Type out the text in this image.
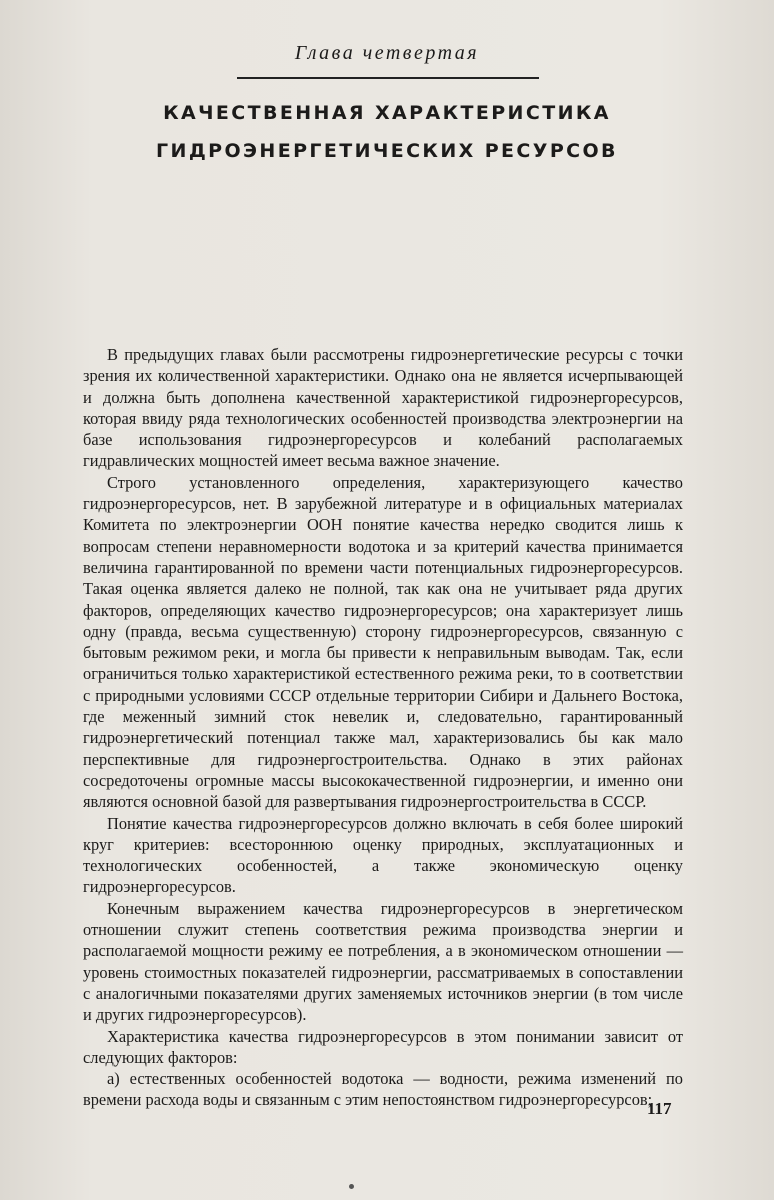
Глава четвертая
КАЧЕСТВЕННАЯ ХАРАКТЕРИСТИКА
ГИДРОЭНЕРГЕТИЧЕСКИХ РЕСУРСОВ

В предыдущих главах были рассмотрены гидроэнергетические ресурсы с точки зрения их количественной характеристики. Однако она не является исчерпывающей и должна быть дополнена качественной характеристикой гидроэнергоресурсов, которая ввиду ряда технологических особенностей производства электроэнергии на базе использования гидроэнергоресурсов и колебаний располагаемых гидравлических мощностей имеет весьма важное значение.

Строго установленного определения, характеризующего качество гидроэнергоресурсов, нет. В зарубежной литературе и в официальных материалах Комитета по электроэнергии ООН понятие качества нередко сводится лишь к вопросам степени неравномерности водотока и за критерий качества принимается величина гарантированной по времени части потенциальных гидроэнергоресурсов. Такая оценка является далеко не полной, так как она не учитывает ряда других факторов, определяющих качество гидроэнергоресурсов; она характеризует лишь одну (правда, весьма существенную) сторону гидроэнергоресурсов, связанную с бытовым режимом реки, и могла бы привести к неправильным выводам. Так, если ограничиться только характеристикой естественного режима реки, то в соответствии с природными условиями СССР отдельные территории Сибири и Дальнего Востока, где меженный зимний сток невелик и, следовательно, гарантированный гидроэнергетический потенциал также мал, характеризовались бы как мало перспективные для гидроэнергостроительства. Однако в этих районах сосредоточены огромные массы высококачественной гидроэнергии, и именно они являются основной базой для развертывания гидроэнергостроительства в СССР.

Понятие качества гидроэнергоресурсов должно включать в себя более широкий круг критериев: всестороннюю оценку природных, эксплуатационных и технологических особенностей, а также экономическую оценку гидроэнергоресурсов.

Конечным выражением качества гидроэнергоресурсов в энергетическом отношении служит степень соответствия режима производства энергии и располагаемой мощности режиму ее потребления, а в экономическом отношении — уровень стоимостных показателей гидроэнергии, рассматриваемых в сопоставлении с аналогичными показателями других заменяемых источников энергии (в том числе и других гидроэнергоресурсов).

Характеристика качества гидроэнергоресурсов в этом понимании зависит от следующих факторов:

а) естественных особенностей водотока — водности, режима изменений по времени расхода воды и связанным с этим непостоянством гидроэнергоресурсов;

117
